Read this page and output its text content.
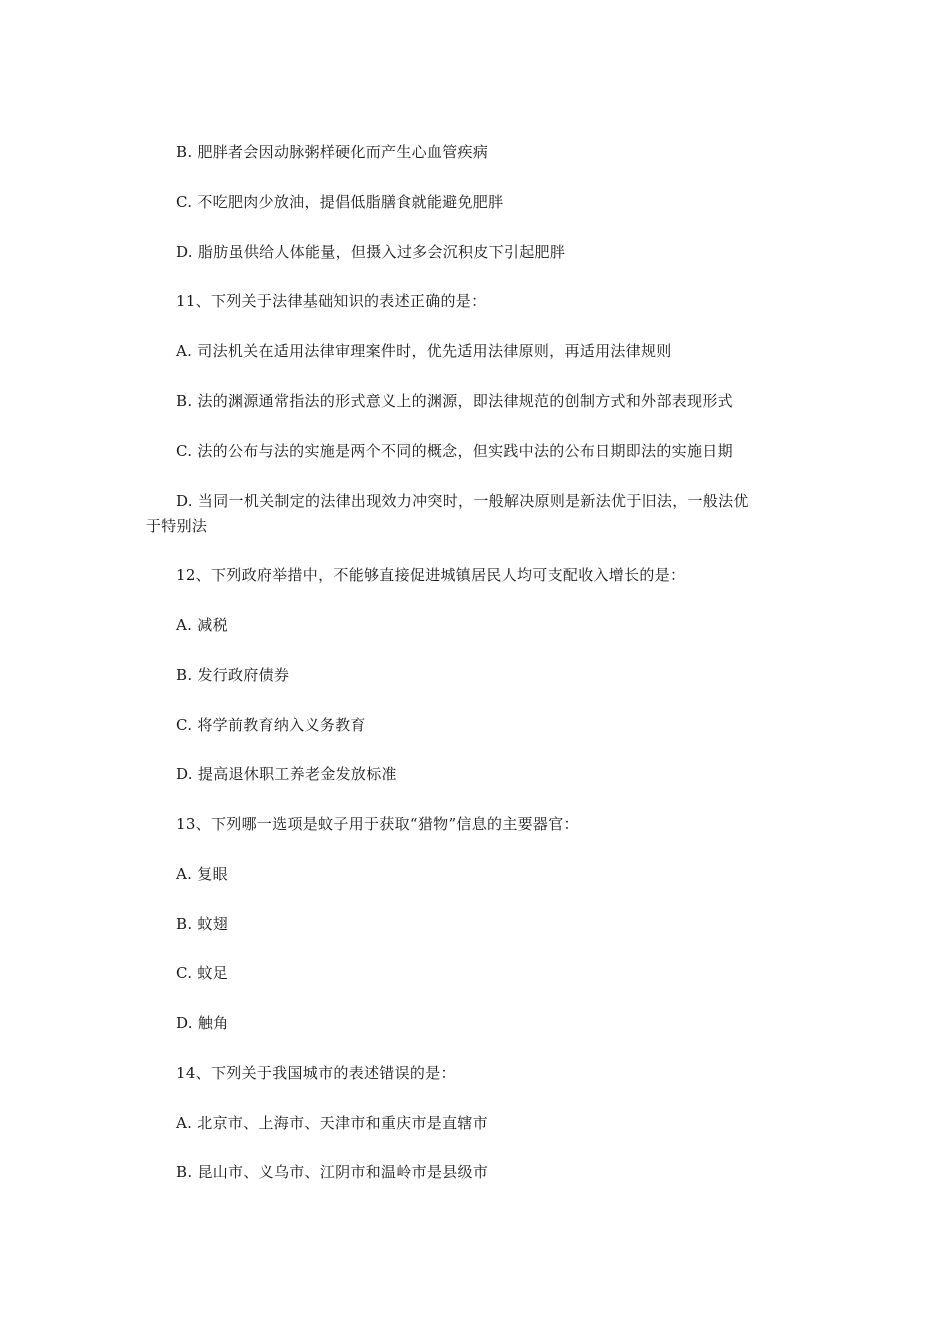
B. 肥胖者会因动脉粥样硬化而产生心血管疾病
C. 不吃肥肉少放油，提倡低脂膳食就能避免肥胖
D. 脂肪虽供给人体能量，但摄入过多会沉积皮下引起肥胖
11、下列关于法律基础知识的表述正确的是：
A. 司法机关在适用法律审理案件时，优先适用法律原则，再适用法律规则
B. 法的渊源通常指法的形式意义上的渊源，即法律规范的创制方式和外部表现形式
C. 法的公布与法的实施是两个不同的概念，但实践中法的公布日期即法的实施日期
D. 当同一机关制定的法律出现效力冲突时，一般解决原则是新法优于旧法，一般法优
于特别法
12、下列政府举措中，不能够直接促进城镇居民人均可支配收入增长的是：
A. 减税
B. 发行政府债券
C. 将学前教育纳入义务教育
D. 提高退休职工养老金发放标准
13、下列哪一选项是蚊子用于获取“猎物”信息的主要器官：
A. 复眼
B. 蚊翅
C. 蚊足
D. 触角
14、下列关于我国城市的表述错误的是：
A. 北京市、上海市、天津市和重庆市是直辖市
B. 昆山市、义乌市、江阴市和温岭市是县级市
